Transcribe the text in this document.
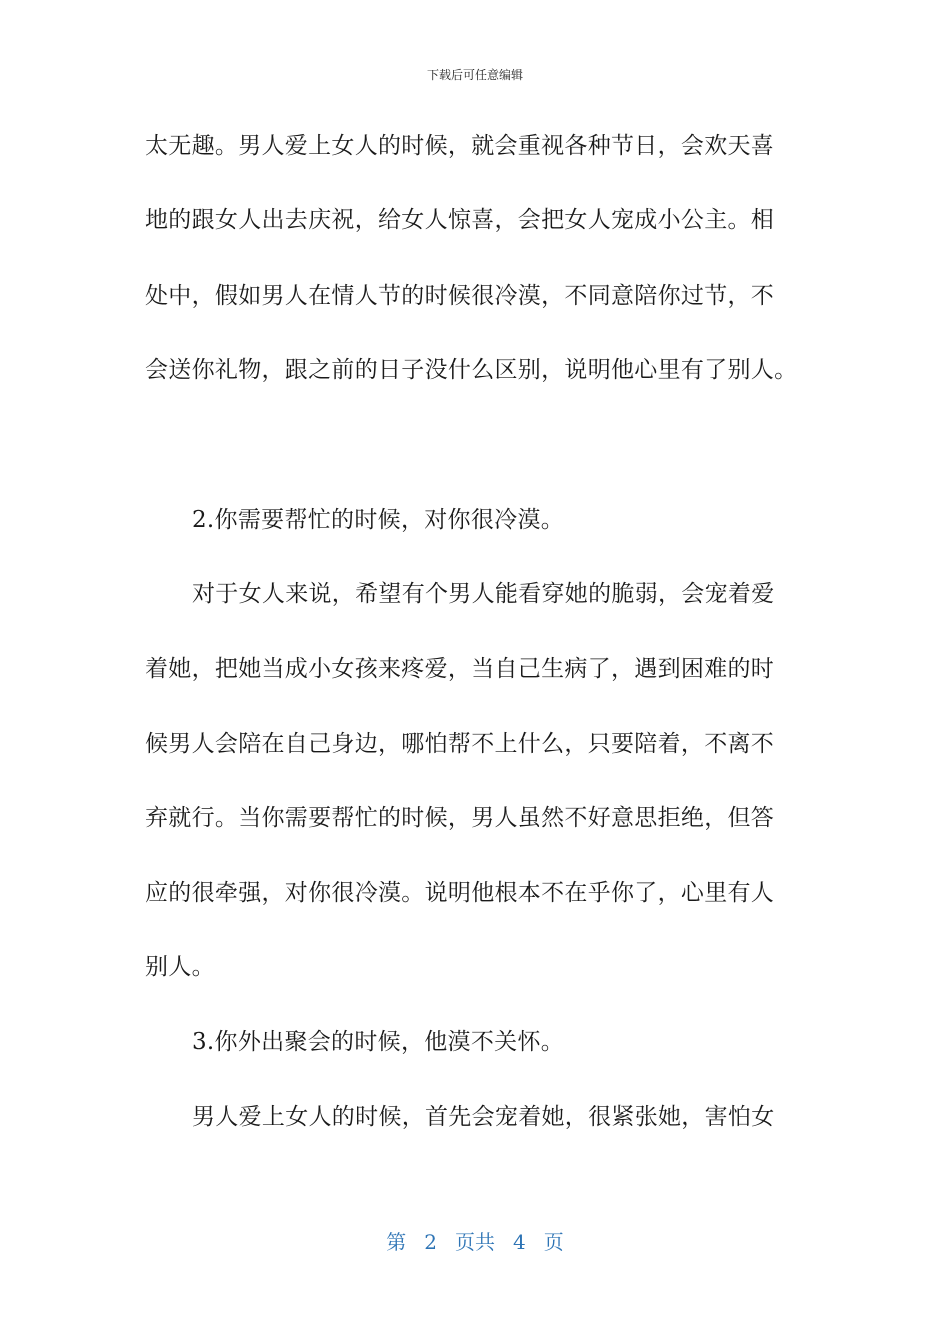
下载后可任意编辑
太无趣。男人爱上女人的时候，就会重视各种节日，会欢天喜
地的跟女人出去庆祝，给女人惊喜，会把女人宠成小公主。相
处中，假如男人在情人节的时候很冷漠，不同意陪你过节，不
会送你礼物，跟之前的日子没什么区别，说明他心里有了别人。
2.你需要帮忙的时候，对你很冷漠。
对于女人来说，希望有个男人能看穿她的脆弱，会宠着爱
着她，把她当成小女孩来疼爱，当自己生病了，遇到困难的时
候男人会陪在自己身边，哪怕帮不上什么，只要陪着，不离不
弃就行。当你需要帮忙的时候，男人虽然不好意思拒绝，但答
应的很牵强，对你很冷漠。说明他根本不在乎你了，心里有人
别人。
3.你外出聚会的时候，他漠不关怀。
男人爱上女人的时候，首先会宠着她，很紧张她，害怕女
第 2 页共 4 页
